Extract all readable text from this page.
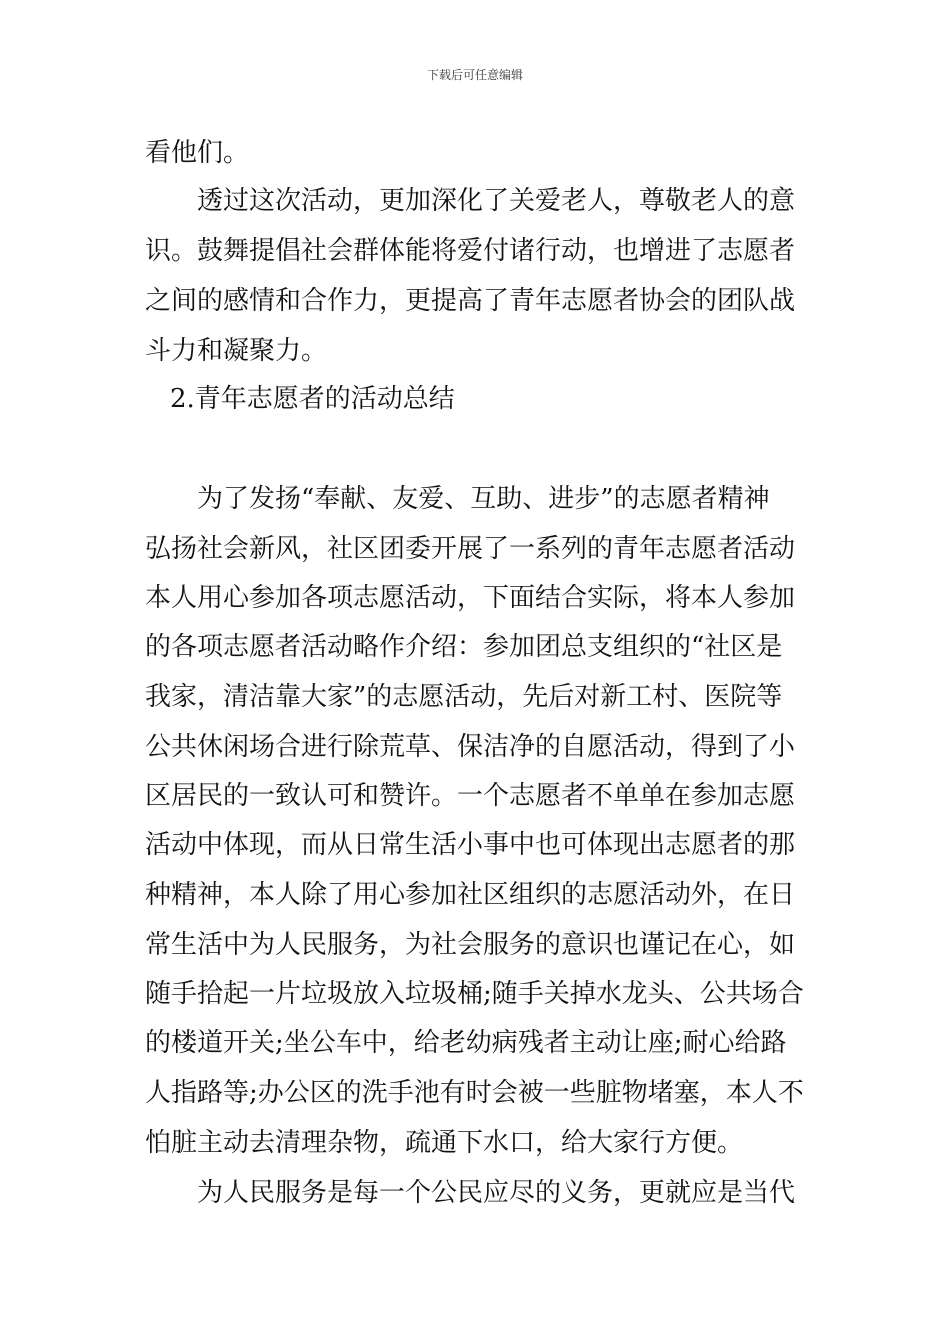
下载后可任意编辑
看他们。
透过这次活动，更加深化了关爱老人，尊敬老人的意
识。鼓舞提倡社会群体能将爱付诸行动，也增进了志愿者
之间的感情和合作力，更提高了青年志愿者协会的团队战
斗力和凝聚力。
2.青年志愿者的活动总结
为了发扬“奉献、友爱、互助、进步”的志愿者精神
弘扬社会新风，社区团委开展了一系列的青年志愿者活动
本人用心参加各项志愿活动，下面结合实际，将本人参加
的各项志愿者活动略作介绍：参加团总支组织的“社区是
我家，清洁靠大家”的志愿活动，先后对新工村、医院等
公共休闲场合进行除荒草、保洁净的自愿活动，得到了小
区居民的一致认可和赞许。一个志愿者不单单在参加志愿
活动中体现，而从日常生活小事中也可体现出志愿者的那
种精神，本人除了用心参加社区组织的志愿活动外，在日
常生活中为人民服务，为社会服务的意识也谨记在心，如
随手拾起一片垃圾放入垃圾桶;随手关掉水龙头、公共场合
的楼道开关;坐公车中，给老幼病残者主动让座;耐心给路
人指路等;办公区的洗手池有时会被一些脏物堵塞，本人不
怕脏主动去清理杂物，疏通下水口，给大家行方便。
为人民服务是每一个公民应尽的义务，更就应是当代
